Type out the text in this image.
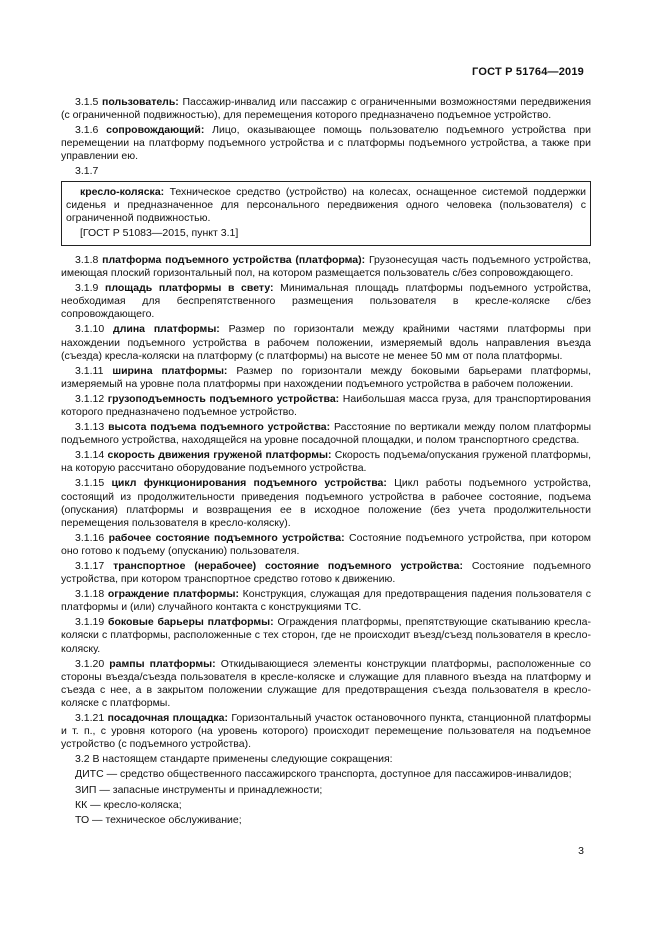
ГОСТ Р 51764—2019

3.1.5 пользователь: Пассажир-инвалид или пассажир с ограниченными возможностями передвижения (с ограниченной подвижностью), для перемещения которого предназначено подъемное устройство.

3.1.6 сопровождающий: Лицо, оказывающее помощь пользователю подъемного устройства при перемещении на платформу подъемного устройства и с платформы подъемного устройства, а также при управлении ею.

3.1.7

кресло-коляска: Техническое средство (устройство) на колесах, оснащенное системой поддержки сиденья и предназначенное для персонального передвижения одного человека (пользователя) с ограниченной подвижностью.

[ГОСТ Р 51083—2015, пункт 3.1]

3.1.8 платформа подъемного устройства (платформа): Грузонесущая часть подъемного устройства, имеющая плоский горизонтальный пол, на котором размещается пользователь с/без сопровождающего.

3.1.9 площадь платформы в свету: Минимальная площадь платформы подъемного устройства, необходимая для беспрепятственного размещения пользователя в кресле-коляске с/без сопровождающего.

3.1.10 длина платформы: Размер по горизонтали между крайними частями платформы при нахождении подъемного устройства в рабочем положении, измеряемый вдоль направления въезда (съезда) кресла-коляски на платформу (с платформы) на высоте не менее 50 мм от пола платформы.

3.1.11 ширина платформы: Размер по горизонтали между боковыми барьерами платформы, измеряемый на уровне пола платформы при нахождении подъемного устройства в рабочем положении.

3.1.12 грузоподъемность подъемного устройства: Наибольшая масса груза, для транспортирования которого предназначено подъемное устройство.

3.1.13 высота подъема подъемного устройства: Расстояние по вертикали между полом платформы подъемного устройства, находящейся на уровне посадочной площадки, и полом транспортного средства.

3.1.14 скорость движения груженой платформы: Скорость подъема/опускания груженой платформы, на которую рассчитано оборудование подъемного устройства.

3.1.15 цикл функционирования подъемного устройства: Цикл работы подъемного устройства, состоящий из продолжительности приведения подъемного устройства в рабочее состояние, подъема (опускания) платформы и возвращения ее в исходное положение (без учета продолжительности перемещения пользователя в кресло-коляску).

3.1.16 рабочее состояние подъемного устройства: Состояние подъемного устройства, при котором оно готово к подъему (опусканию) пользователя.

3.1.17 транспортное (нерабочее) состояние подъемного устройства: Состояние подъемного устройства, при котором транспортное средство готово к движению.

3.1.18 ограждение платформы: Конструкция, служащая для предотвращения падения пользователя с платформы и (или) случайного контакта с конструкциями ТС.

3.1.19 боковые барьеры платформы: Ограждения платформы, препятствующие скатыванию кресла-коляски с платформы, расположенные с тех сторон, где не происходит въезд/съезд пользователя в кресло-коляску.

3.1.20 рампы платформы: Откидывающиеся элементы конструкции платформы, расположенные со стороны въезда/съезда пользователя в кресле-коляске и служащие для плавного въезда на платформу и съезда с нее, а в закрытом положении служащие для предотвращения съезда пользователя в кресло-коляске с платформы.

3.1.21 посадочная площадка: Горизонтальный участок остановочного пункта, станционной платформы и т. п., с уровня которого (на уровень которого) происходит перемещение пользователя на подъемное устройство (с подъемного устройства).

3.2 В настоящем стандарте применены следующие сокращения:

ДИТС — средство общественного пассажирского транспорта, доступное для пассажиров-инвалидов;

ЗИП — запасные инструменты и принадлежности;

КК — кресло-коляска;

ТО — техническое обслуживание;

3
